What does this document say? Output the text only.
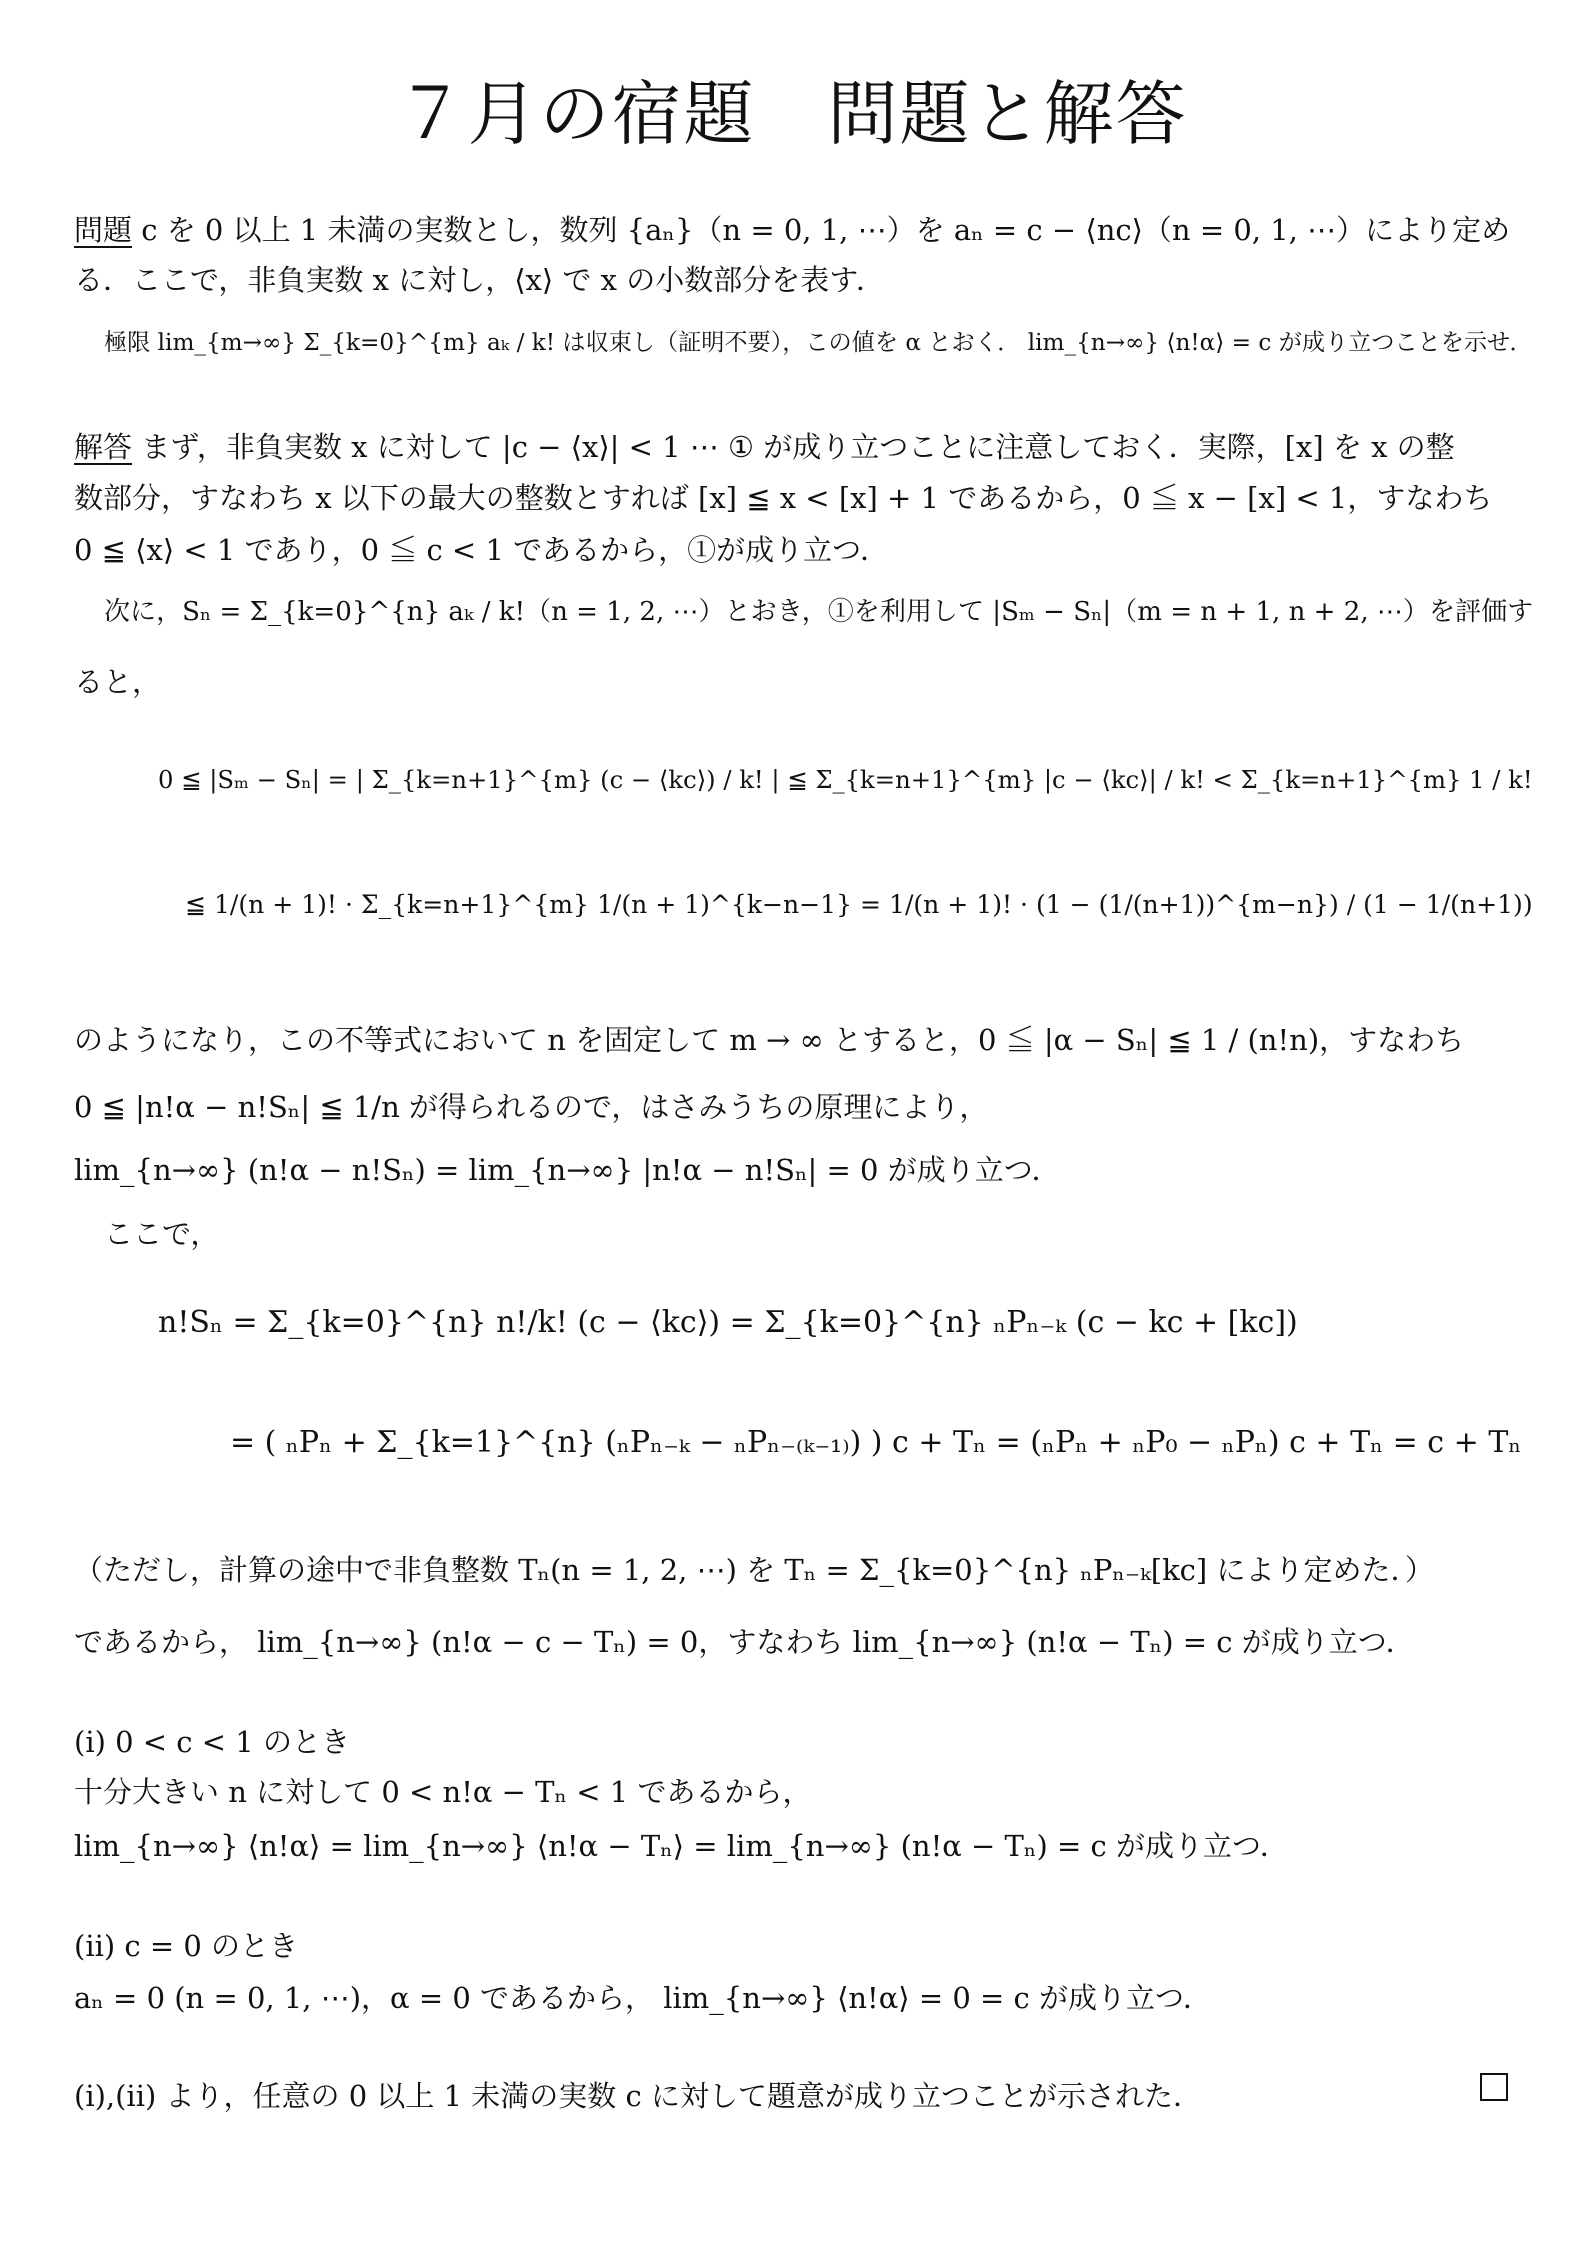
７月の宿題　問題と解答
問題 c を 0 以上 1 未満の実数とし，数列 {aₙ}（n = 0, 1, ⋯）を aₙ = c − ⟨nc⟩（n = 0, 1, ⋯）により定め
る．ここで，非負実数 x に対し，⟨x⟩ で x の小数部分を表す．
極限 lim_{m→∞} Σ_{k=0}^{m} aₖ / k! は収束し（証明不要），この値を α とおく． lim_{n→∞} ⟨n!α⟩ = c が成り立つことを示せ．
解答 まず，非負実数 x に対して |c − ⟨x⟩| < 1 ⋯ ① が成り立つことに注意しておく．実際，[x] を x の整
数部分，すなわち x 以下の最大の整数とすれば [x] ≦ x < [x] + 1 であるから，0 ≦ x − [x] < 1，すなわち
0 ≦ ⟨x⟩ < 1 であり，0 ≦ c < 1 であるから，①が成り立つ．
次に，Sₙ = Σ_{k=0}^{n} aₖ / k!（n = 1, 2, ⋯）とおき，①を利用して |Sₘ − Sₙ|（m = n + 1, n + 2, ⋯）を評価す
ると，
0 ≦ |Sₘ − Sₙ| = | Σ_{k=n+1}^{m} (c − ⟨kc⟩) / k! | ≦ Σ_{k=n+1}^{m} |c − ⟨kc⟩| / k! < Σ_{k=n+1}^{m} 1 / k!
≦ 1/(n + 1)! · Σ_{k=n+1}^{m} 1/(n + 1)^{k−n−1} = 1/(n + 1)! · (1 − (1/(n+1))^{m−n}) / (1 − 1/(n+1))
のようになり，この不等式において n を固定して m → ∞ とすると，0 ≦ |α − Sₙ| ≦ 1 / (n!n)，すなわち
0 ≦ |n!α − n!Sₙ| ≦ 1/n が得られるので，はさみうちの原理により，
lim_{n→∞} (n!α − n!Sₙ) = lim_{n→∞} |n!α − n!Sₙ| = 0 が成り立つ．
ここで，
n!Sₙ = Σ_{k=0}^{n} n!/k! (c − ⟨kc⟩) = Σ_{k=0}^{n} ₙPₙ₋ₖ (c − kc + [kc])
= ( ₙPₙ + Σ_{k=1}^{n} (ₙPₙ₋ₖ − ₙPₙ₋₍ₖ₋₁₎) ) c + Tₙ = (ₙPₙ + ₙP₀ − ₙPₙ) c + Tₙ = c + Tₙ
（ただし，計算の途中で非負整数 Tₙ(n = 1, 2, ⋯) を Tₙ = Σ_{k=0}^{n} ₙPₙ₋ₖ[kc] により定めた．）
であるから， lim_{n→∞} (n!α − c − Tₙ) = 0，すなわち lim_{n→∞} (n!α − Tₙ) = c が成り立つ．
(i) 0 < c < 1 のとき
十分大きい n に対して 0 < n!α − Tₙ < 1 であるから，
lim_{n→∞} ⟨n!α⟩ = lim_{n→∞} ⟨n!α − Tₙ⟩ = lim_{n→∞} (n!α − Tₙ) = c が成り立つ．
(ii) c = 0 のとき
aₙ = 0 (n = 0, 1, ⋯)，α = 0 であるから， lim_{n→∞} ⟨n!α⟩ = 0 = c が成り立つ．
(i),(ii) より，任意の 0 以上 1 未満の実数 c に対して題意が成り立つことが示された．
